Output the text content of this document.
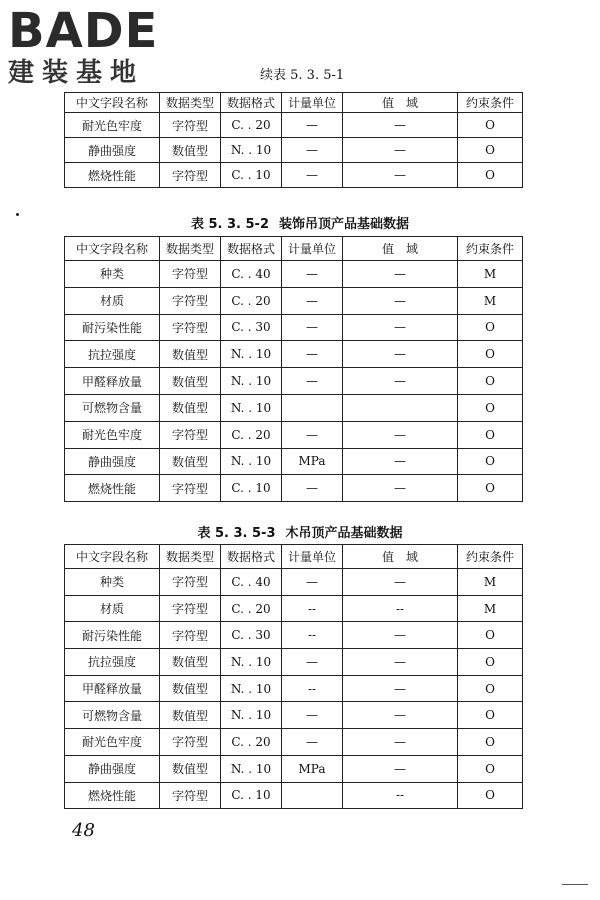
BADE
建装基地	续表 5. 3. 5-1
中文字段名称	数据类型	数据格式	计量单位	值　域	约束条件
耐光色牢度	字符型	C. . 20	—	—	O
静曲强度	数值型	N. . 10	—	—	O
燃烧性能	字符型	C. . 10	—	—	O
表 5. 3. 5-2 装饰吊顶产品基础数据
中文字段名称	数据类型	数据格式	计量单位	值　域	约束条件
种类	字符型	C. . 40	—	—	M
材质	字符型	C. . 20	—	—	M
耐污染性能	字符型	C. . 30	—	—	O
抗拉强度	数值型	N. . 10	—	—	O
甲醛释放量	数值型	N. . 10	—	—	O
可燃物含量	数值型	N. . 10			O
耐光色牢度	字符型	C. . 20	—	—	O
静曲强度	数值型	N. . 10	MPa	—	O
燃烧性能	字符型	C. . 10	—	—	O
表 5. 3. 5-3 木吊顶产品基础数据
中文字段名称	数据类型	数据格式	计量单位	值　域	约束条件
种类	字符型	C. . 40	—	—	M
材质	字符型	C. . 20	--	--	M
耐污染性能	字符型	C. . 30	--	—	O
抗拉强度	数值型	N. . 10	—	—	O
甲醛释放量	数值型	N. . 10	--	—	O
可燃物含量	数值型	N. . 10	—	—	O
耐光色牢度	字符型	C. . 20	—	—	O
静曲强度	数值型	N. . 10	MPa	—	O
燃烧性能	字符型	C. . 10		--	O
48
